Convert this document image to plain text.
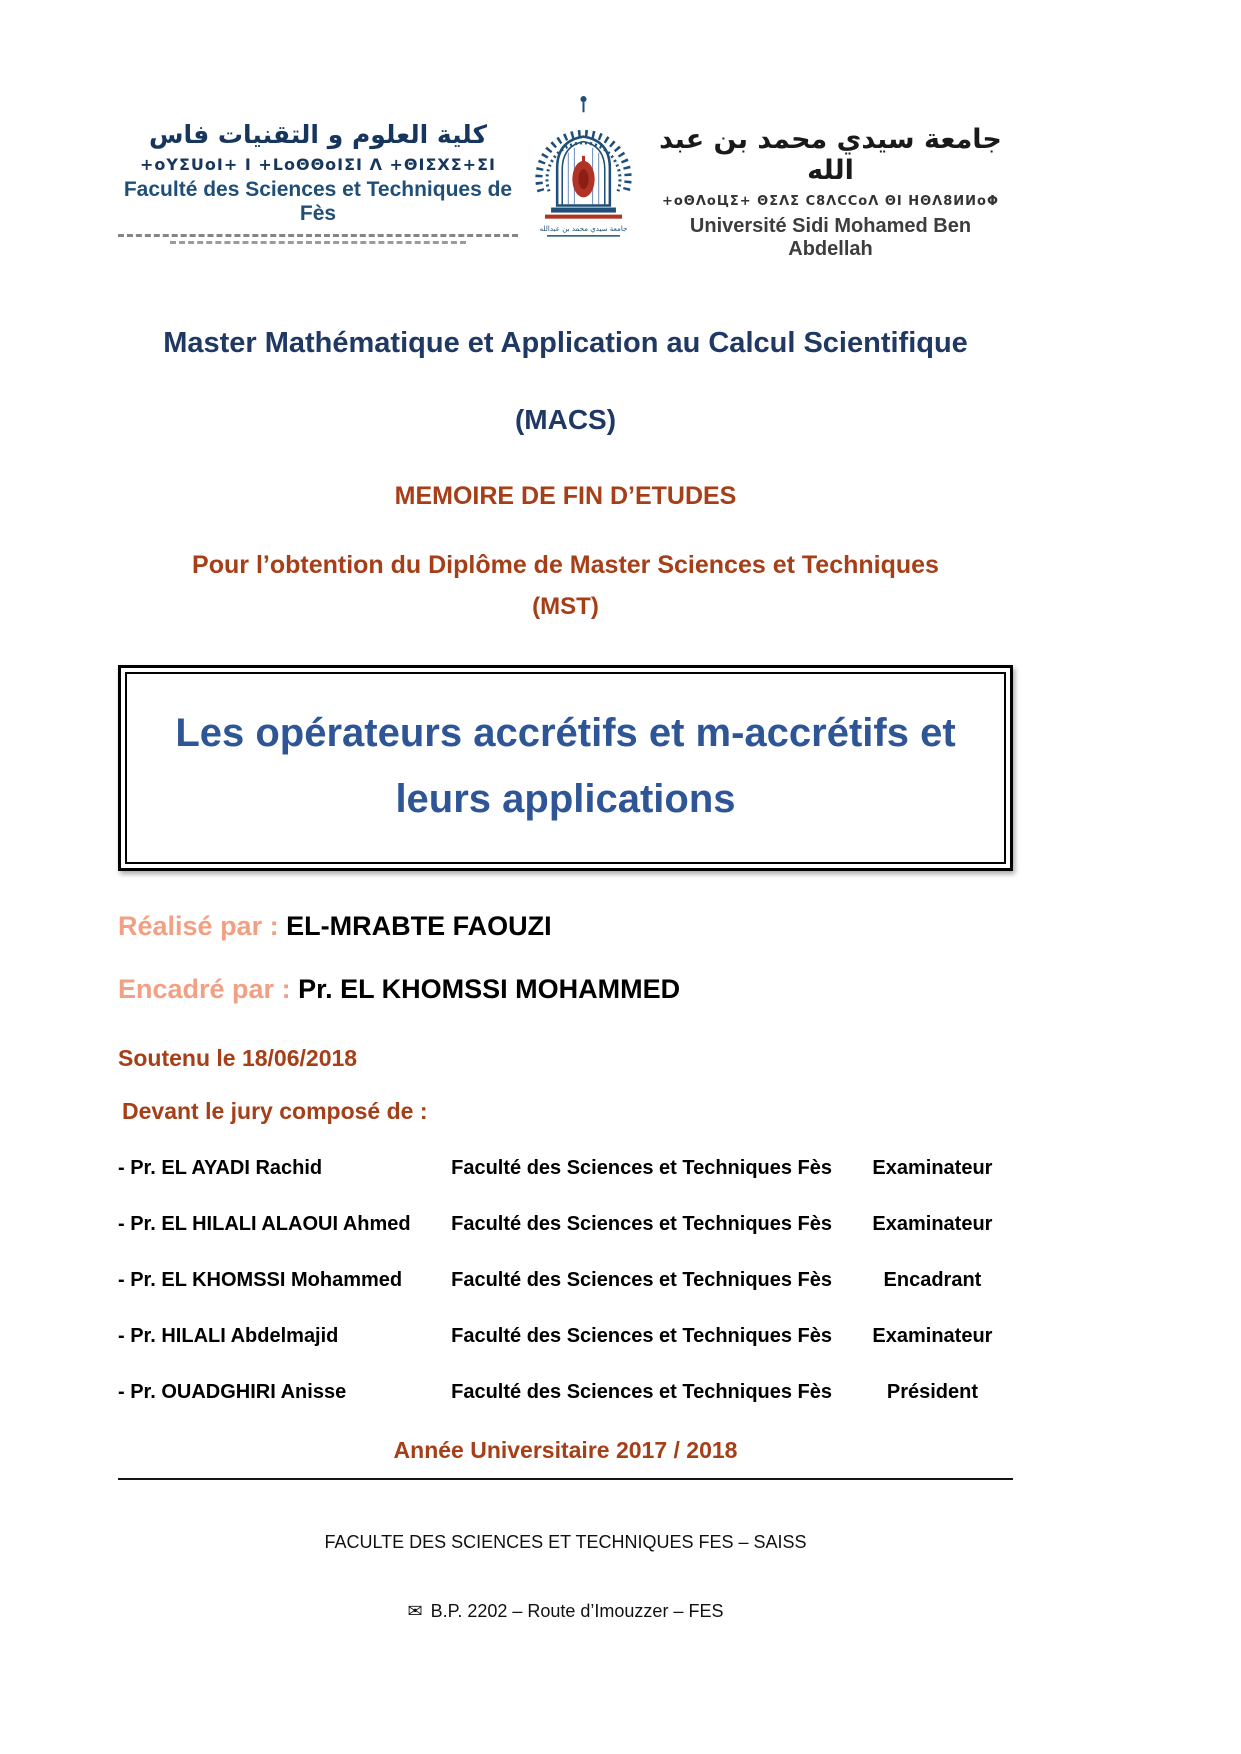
كلية العلوم و التقنيات فاس
+oYΣUoI+ I +LoΘΘoIΣI Λ +ΘIΣXΣ+ΣI
Faculté des Sciences et Techniques de Fès
جامعة سيدي محمد بن عبدالله
جامعة سيدي محمد بن عبد الله
+oΘΛoЦΣ+ ΘΣΛΣ C8ΛCCoΛ ΘI ΗΘΛ8ИИoΦ
Université Sidi Mohamed Ben Abdellah
Master Mathématique et Application au Calcul Scientifique
(MACS)
MEMOIRE DE FIN D’ETUDES
Pour l’obtention du Diplôme de Master Sciences et Techniques
(MST)
Les opérateurs accrétifs et m-accrétifs et
leurs applications
Réalisé par : EL-MRABTE FAOUZI
Encadré par : Pr. EL KHOMSSI MOHAMMED
Soutenu le 18/06/2018
Devant le jury composé de :
- Pr. EL AYADI Rachid	Faculté des Sciences et Techniques Fès	Examinateur
- Pr. EL HILALI ALAOUI Ahmed	Faculté des Sciences et Techniques Fès	Examinateur
- Pr. EL KHOMSSI Mohammed	Faculté des Sciences et Techniques Fès	Encadrant
- Pr. HILALI Abdelmajid	Faculté des Sciences et Techniques Fès	Examinateur
- Pr. OUADGHIRI Anisse	Faculté des Sciences et Techniques Fès	Président
Année Universitaire 2017 / 2018
FACULTE DES SCIENCES ET TECHNIQUES FES – SAISS
✉ B.P. 2202 – Route d’Imouzzer – FES
